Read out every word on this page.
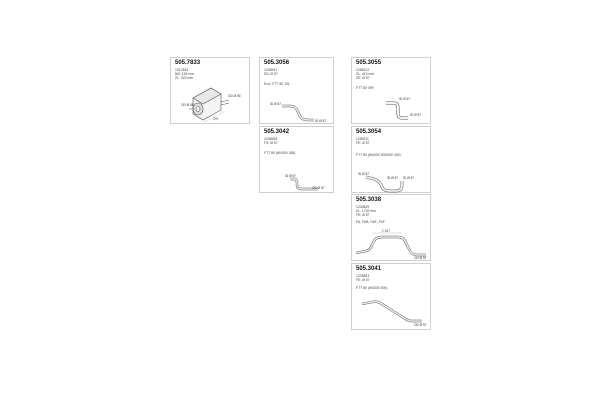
505.7833
1317833
ND: 115 mm
ZL: 320 mm
OD Ø 55
OD Ø 55
270
505.3056
1236941
ES: Ø 57
Excl. FTT 80 101
ID Ø 57
ID Ø 57
505.3055
1255212
ZL: 413 mm
ZE: Ø 57
FTT 80 099
ID Ø 57
ID Ø 57
505.3042
1236928
FS: Ø 57
FTT 80 (W4000 265)
ID Ø 57
OD Ø 57
505.3054
1255211
FE: Ø 57
FTT 80 (W4000 300/000 400)
ID Ø 57
ID Ø 57 ID Ø 57
505.3038
1233849
ZL: 1732 mm
FE: Ø 57
FA, FAB, FAE, FAF
1 037
OD Ø 57
505.3041
1233853
FE: Ø 57
FTT 80 (W4000 300)
OD Ø 57
